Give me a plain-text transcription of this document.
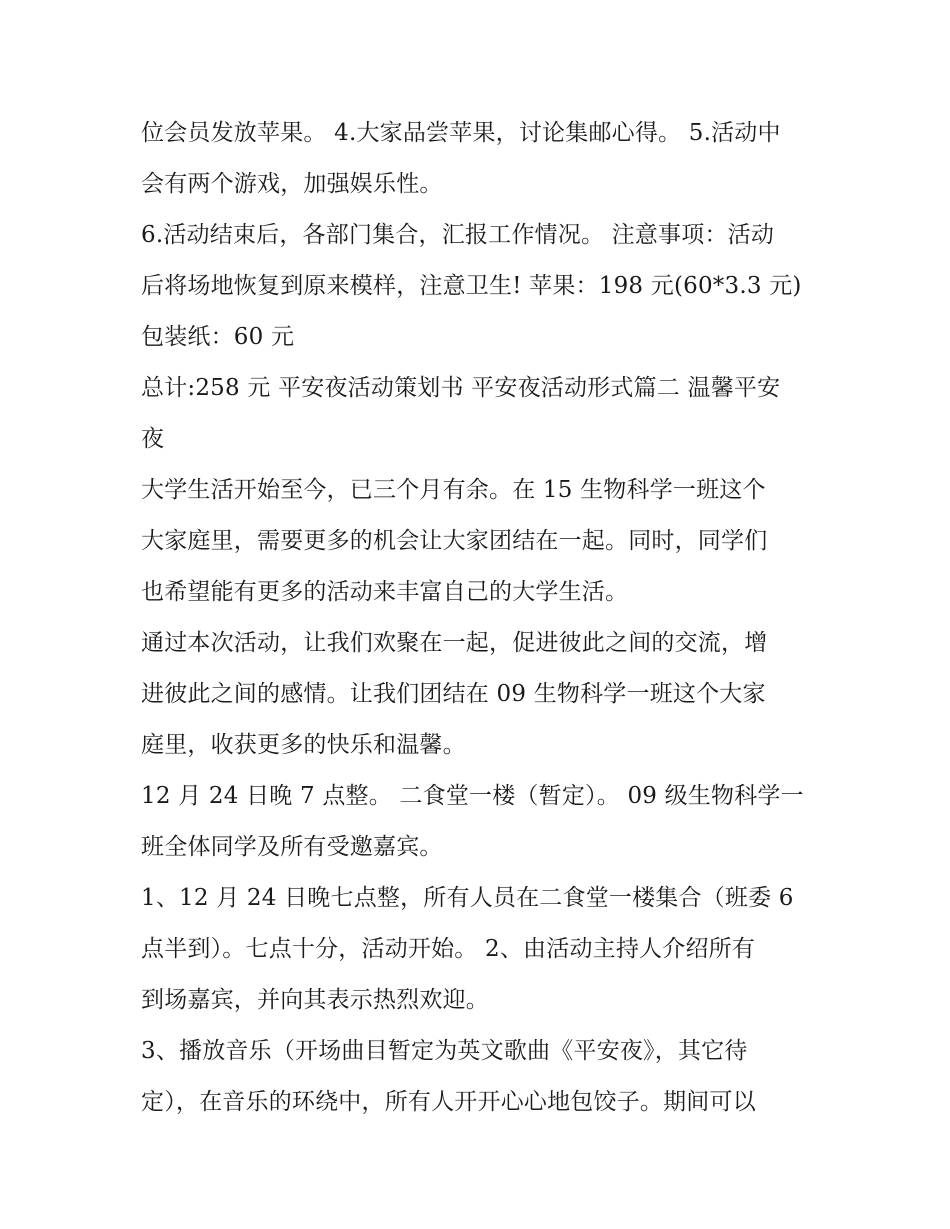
位会员发放苹果。 4.大家品尝苹果，讨论集邮心得。 5.活动中
会有两个游戏，加强娱乐性。
6.活动结束后，各部门集合，汇报工作情况。 注意事项：活动
后将场地恢复到原来模样，注意卫生! 苹果：198 元(60*3.3 元)
包装纸：60 元
总计:258 元 平安夜活动策划书 平安夜活动形式篇二 温馨平安
夜
大学生活开始至今，已三个月有余。在 15 生物科学一班这个
大家庭里，需要更多的机会让大家团结在一起。同时，同学们
也希望能有更多的活动来丰富自己的大学生活。
通过本次活动，让我们欢聚在一起，促进彼此之间的交流，增
进彼此之间的感情。让我们团结在 09 生物科学一班这个大家
庭里，收获更多的快乐和温馨。
12 月 24 日晚 7 点整。 二食堂一楼（暂定）。 09 级生物科学一
班全体同学及所有受邀嘉宾。
1、12 月 24 日晚七点整，所有人员在二食堂一楼集合（班委 6
点半到）。七点十分，活动开始。 2、由活动主持人介绍所有
到场嘉宾，并向其表示热烈欢迎。
3、播放音乐（开场曲目暂定为英文歌曲《平安夜》，其它待
定），在音乐的环绕中，所有人开开心心地包饺子。期间可以
